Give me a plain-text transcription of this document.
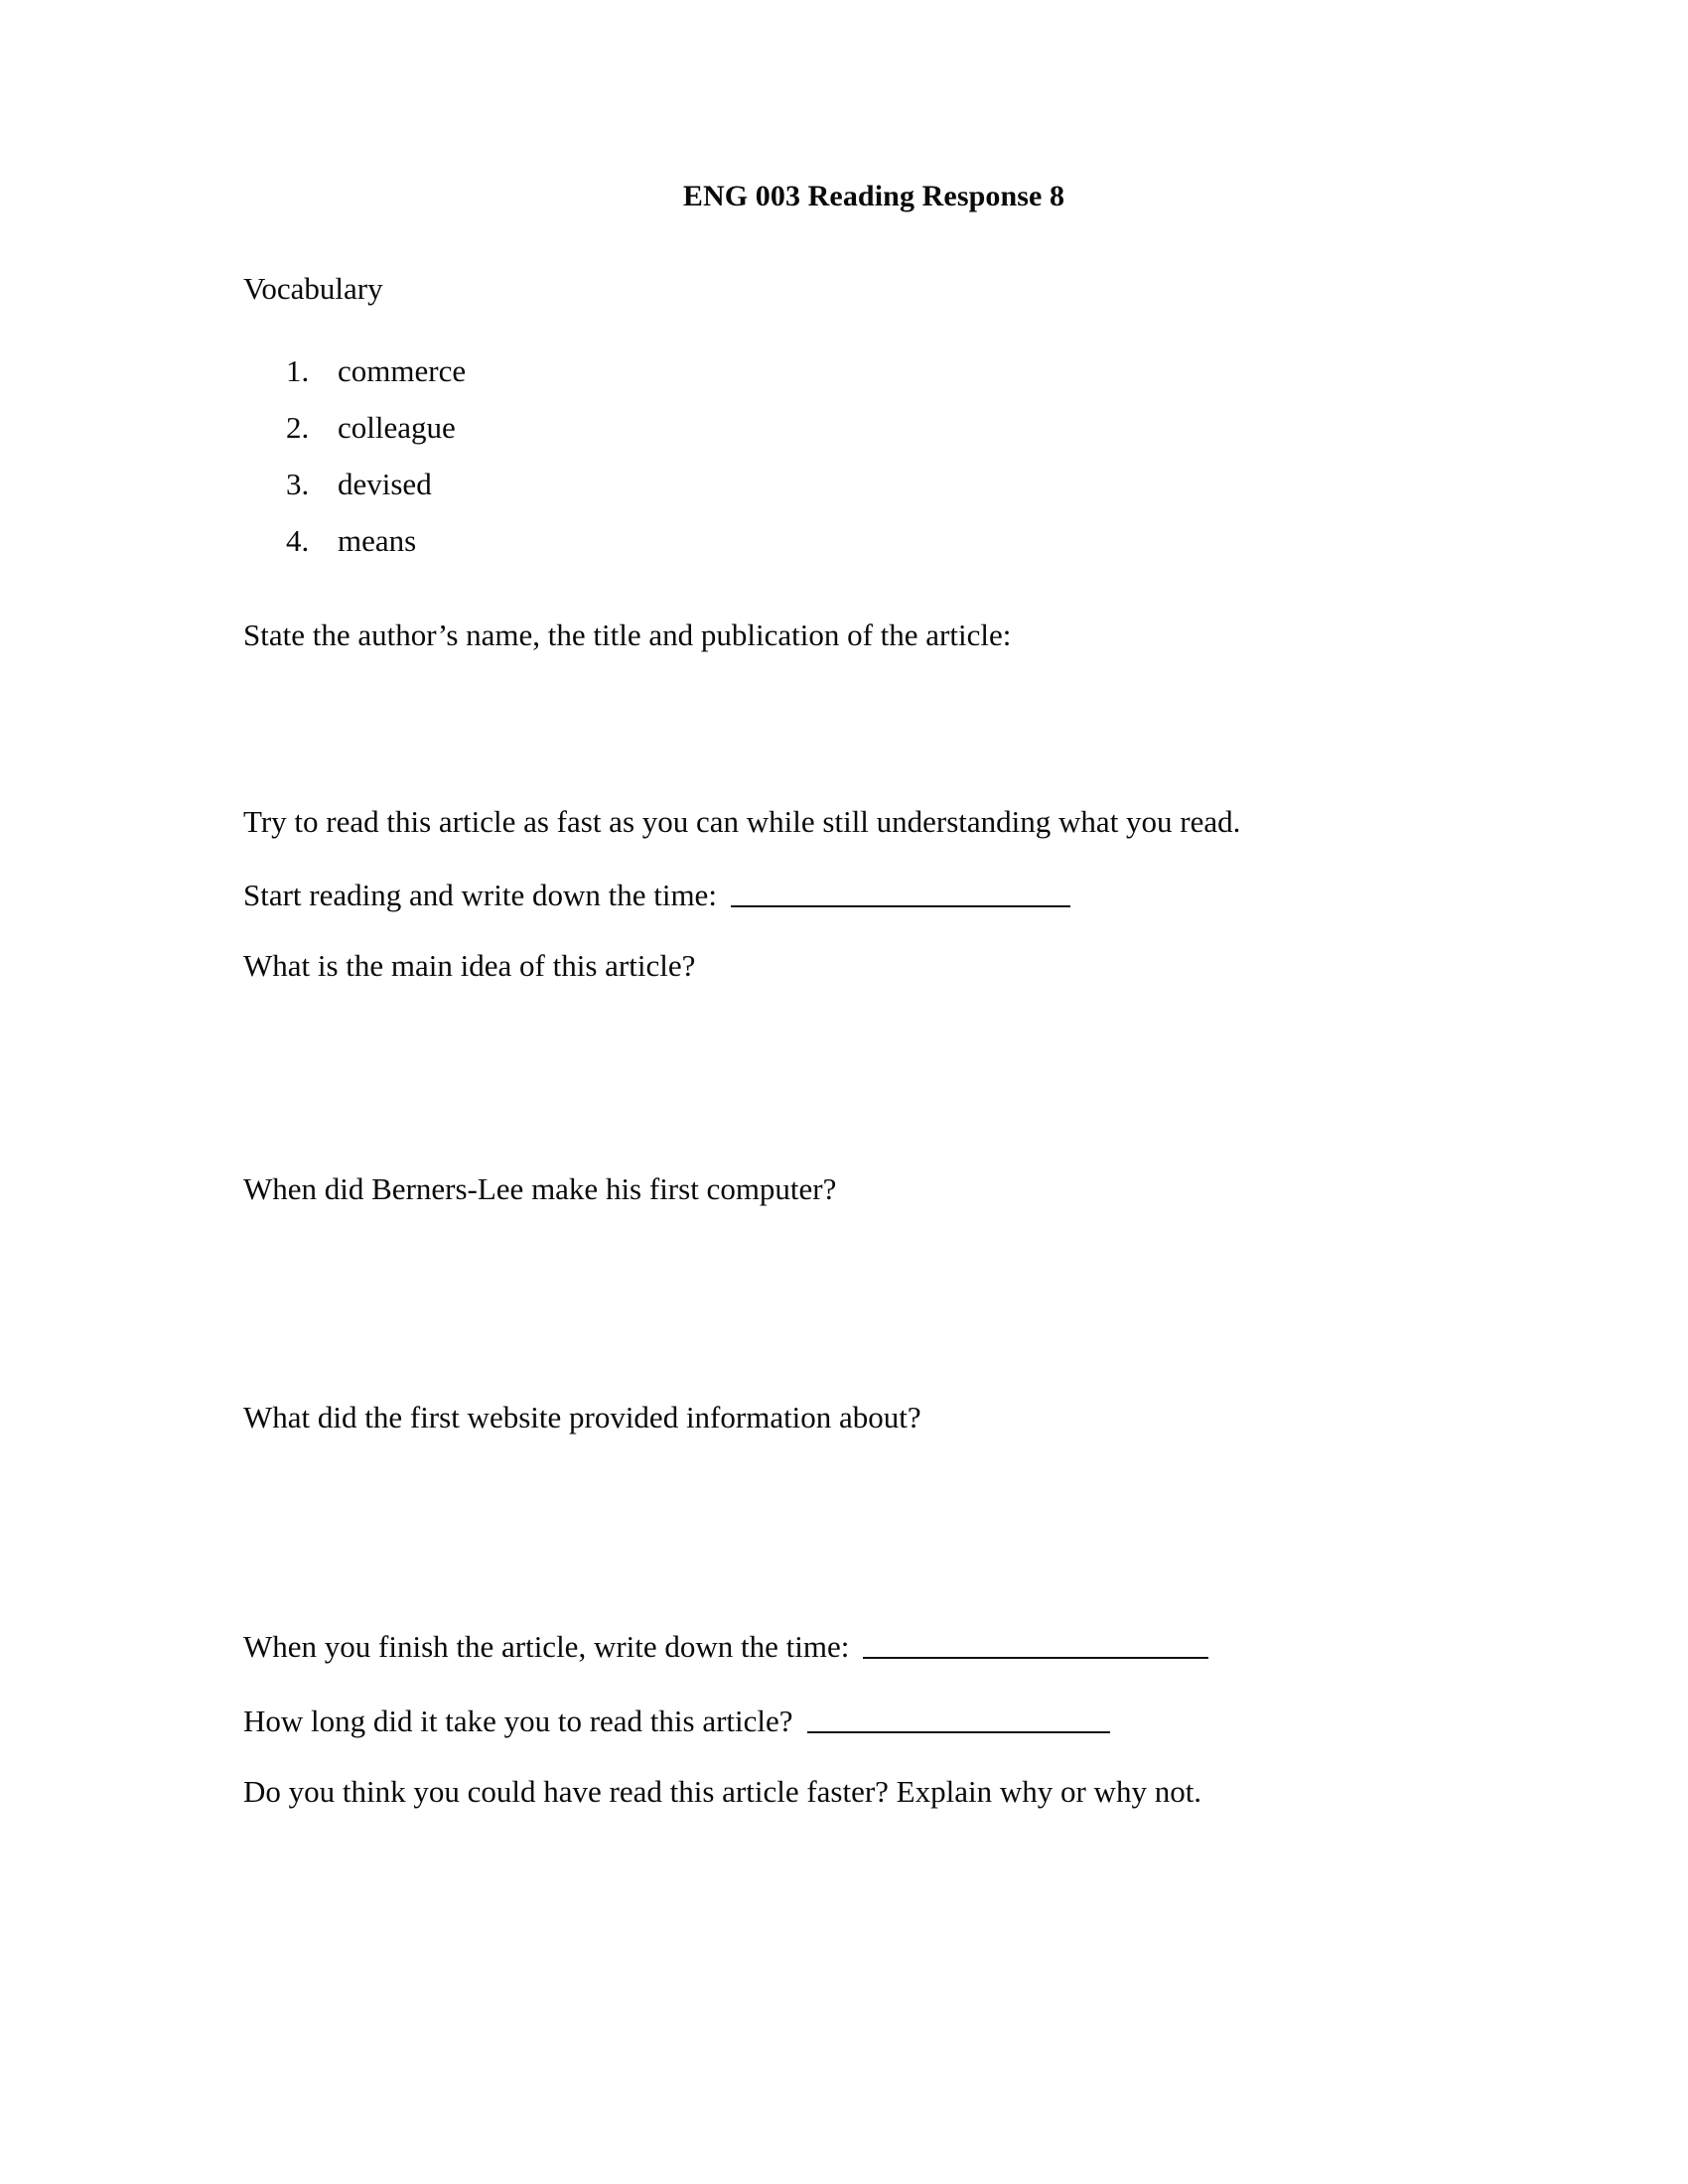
ENG 003 Reading Response 8
Vocabulary
1. commerce
2. colleague
3. devised
4. means
State the author’s name, the title and publication of the article:
Try to read this article as fast as you can while still understanding what you read.
Start reading and write down the time:
What is the main idea of this article?
When did Berners-Lee make his first computer?
What did the first website provided information about?
When you finish the article, write down the time:
How long did it take you to read this article?
Do you think you could have read this article faster? Explain why or why not.
